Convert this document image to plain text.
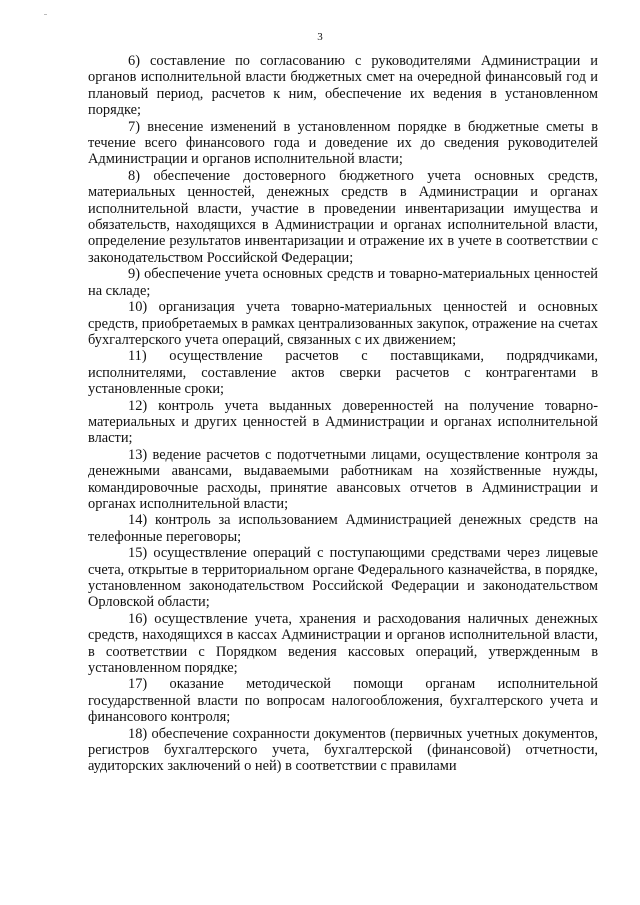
3

6) составление по согласованию с руководителями Администрации и органов исполнительной власти бюджетных смет на очередной финансовый год и плановый период, расчетов к ним, обеспечение их ведения в установленном порядке;

7) внесение изменений в установленном порядке в бюджетные сметы в течение всего финансового года и доведение их до сведения руководителей Администрации и органов исполнительной власти;

8) обеспечение достоверного бюджетного учета основных средств, материальных ценностей, денежных средств в Администрации и органах исполнительной власти, участие в проведении инвентаризации имущества и обязательств, находящихся в Администрации и органах исполнительной власти, определение результатов инвентаризации и отражение их в учете в соответствии с законодательством Российской Федерации;

9) обеспечение учета основных средств и товарно-материальных ценностей на складе;

10) организация учета товарно-материальных ценностей и основных средств, приобретаемых в рамках централизованных закупок, отражение на счетах бухгалтерского учета операций, связанных с их движением;

11) осуществление расчетов с поставщиками, подрядчиками, исполнителями, составление актов сверки расчетов с контрагентами в установленные сроки;

12) контроль учета выданных доверенностей на получение товарно-материальных и других ценностей в Администрации и органах исполнительной власти;

13) ведение расчетов с подотчетными лицами, осуществление контроля за денежными авансами, выдаваемыми работникам на хозяйственные нужды, командировочные расходы, принятие авансовых отчетов в Администрации и органах исполнительной власти;

14) контроль за использованием Администрацией денежных средств на телефонные переговоры;

15) осуществление операций с поступающими средствами через лицевые счета, открытые в территориальном органе Федерального казначейства, в порядке, установленном законодательством Российской Федерации и законодательством Орловской области;

16) осуществление учета, хранения и расходования наличных денежных средств, находящихся в кассах Администрации и органов исполнительной власти, в соответствии с Порядком ведения кассовых операций, утвержденным в установленном порядке;

17) оказание методической помощи органам исполнительной государственной власти по вопросам налогообложения, бухгалтерского учета и финансового контроля;

18) обеспечение сохранности документов (первичных учетных документов, регистров бухгалтерского учета, бухгалтерской (финансовой) отчетности, аудиторских заключений о ней) в соответствии с правилами
